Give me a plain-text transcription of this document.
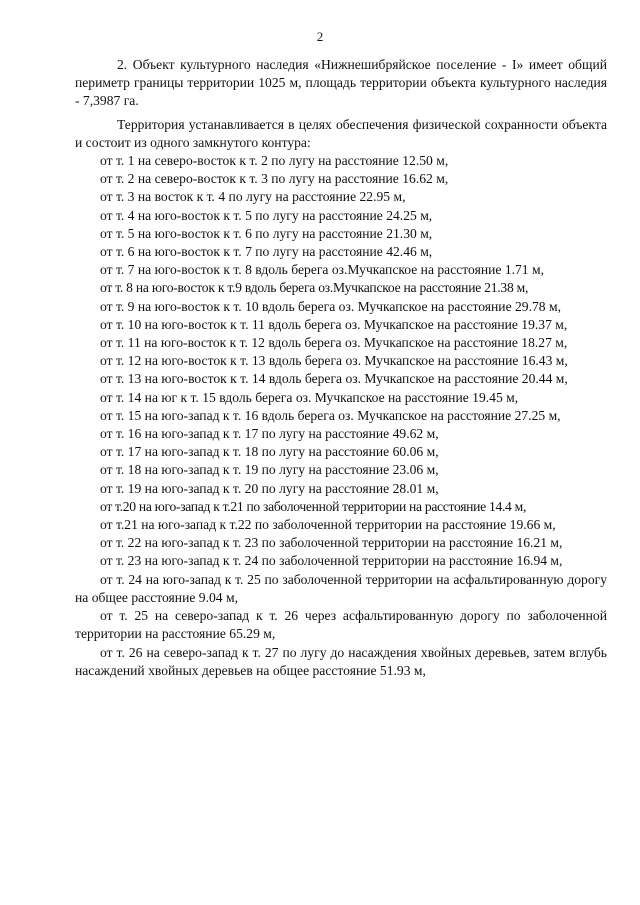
2

2. Объект культурного наследия «Нижнешибряйское поселение - I» имеет общий периметр границы территории 1025 м, площадь территории объекта культурного наследия - 7,3987 га.

Территория устанавливается в целях обеспечения физической сохранности объекта и состоит из одного замкнутого контура:

от т. 1 на северо-восток к т. 2 по лугу на расстояние 12.50 м,

от т. 2 на северо-восток к т. 3 по лугу на расстояние 16.62 м,

от т. 3 на восток к т. 4 по лугу на расстояние 22.95 м,

от т. 4 на юго-восток к т. 5 по лугу на расстояние 24.25 м,

от т. 5 на юго-восток к т. 6 по лугу на расстояние 21.30 м,

от т. 6 на юго-восток к т. 7 по лугу на расстояние 42.46 м,

от т. 7 на юго-восток к т. 8 вдоль берега оз.Мучкапское на расстояние 1.71 м,

от т. 8 на юго-восток к т.9 вдоль берега оз.Мучкапское на расстояние 21.38 м,

от т. 9 на юго-восток к т. 10 вдоль берега оз. Мучкапское на расстояние 29.78 м,

от т. 10 на юго-восток к т. 11 вдоль берега оз. Мучкапское на расстояние 19.37 м,

от т. 11 на юго-восток к т. 12 вдоль берега оз. Мучкапское на расстояние 18.27 м,

от т. 12 на юго-восток к т. 13 вдоль берега оз. Мучкапское на расстояние 16.43 м,

от т. 13 на юго-восток к т. 14 вдоль берега оз. Мучкапское на расстояние 20.44 м,

от т. 14 на юг к т. 15 вдоль берега оз. Мучкапское на расстояние 19.45 м,

от т. 15 на юго-запад к т. 16 вдоль берега оз. Мучкапское на расстояние 27.25 м,

от т. 16 на юго-запад к т. 17 по лугу на расстояние 49.62 м,

от т. 17 на юго-запад к т. 18 по лугу на расстояние 60.06 м,

от т. 18 на юго-запад к т. 19 по лугу на расстояние 23.06 м,

от т. 19 на юго-запад к т. 20 по лугу на расстояние 28.01 м,

от т.20 на юго-запад к т.21 по заболоченной территории на расстояние 14.4 м,

от т.21 на юго-запад к т.22 по заболоченной территории на расстояние 19.66 м,

от т. 22 на юго-запад к т. 23 по заболоченной территории на расстояние 16.21 м,

от т. 23 на юго-запад к т. 24 по заболоченной территории на расстояние 16.94 м,

от т. 24 на юго-запад к т. 25 по заболоченной территории на асфальтированную дорогу на общее расстояние 9.04 м,

от т. 25 на северо-запад к т. 26 через асфальтированную дорогу по заболоченной территории на расстояние 65.29 м,

от т. 26 на северо-запад к т. 27 по лугу до насаждения хвойных деревьев, затем вглубь насаждений хвойных деревьев на общее расстояние 51.93 м,
